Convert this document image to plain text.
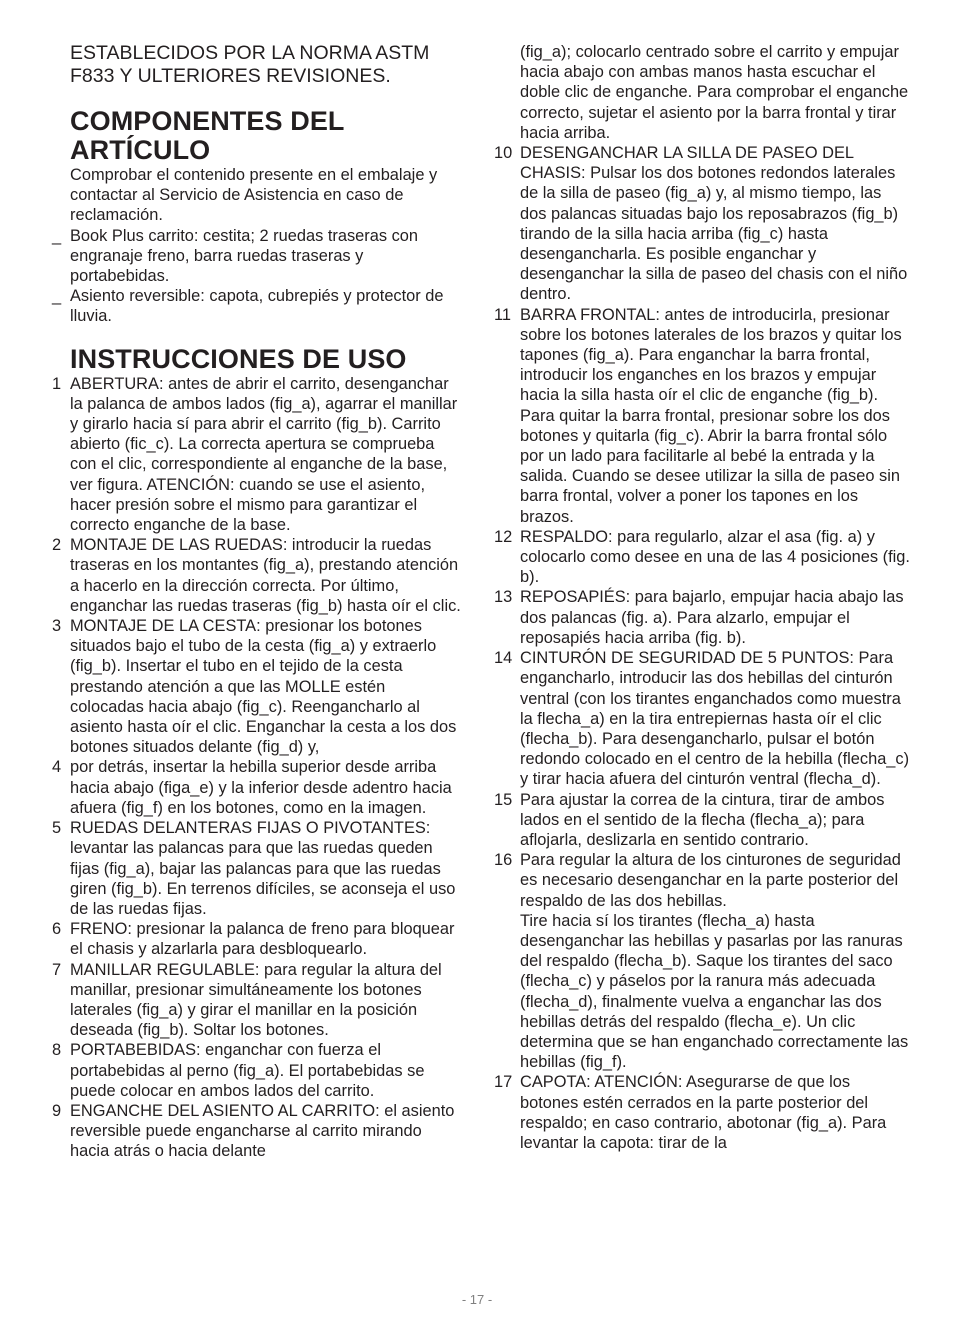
ESTABLECIDOS POR LA NORMA ASTM F833 Y ULTERIORES REVISIONES.

COMPONENTES DEL ARTÍCULO

Comprobar el contenido presente en el embalaje y contactar al Servicio de Asistencia en caso de reclamación.

_ Book Plus carrito: cestita; 2 ruedas traseras con engranaje freno, barra ruedas traseras y portabebidas.
_ Asiento reversible: capota, cubrepiés y protector de lluvia.
INSTRUCCIONES DE USO
1 ABERTURA: antes de abrir el carrito, desenganchar la palanca de ambos lados (fig_a), agarrar el manillar y girarlo hacia sí para abrir el carrito (fig_b). Carrito abierto (fic_c). La correcta apertura se comprueba con el clic, correspondiente al enganche de la base, ver figura. ATENCIÓN: cuando se use el asiento, hacer presión sobre el mismo para garantizar el correcto enganche de la base.
2 MONTAJE DE LAS RUEDAS: introducir la ruedas traseras en los montantes (fig_a), prestando atención a hacerlo en la dirección correcta. Por último, enganchar las ruedas traseras (fig_b) hasta oír el clic.
3 MONTAJE DE LA CESTA: presionar los botones situados bajo el tubo de la cesta (fig_a) y extraerlo (fig_b). Insertar el tubo en el tejido de la cesta prestando atención a que las MOLLE estén colocadas hacia abajo (fig_c). Reengancharlo al asiento hasta oír el clic. Enganchar la cesta a los dos botones situados delante (fig_d) y,
4 por detrás, insertar la hebilla superior desde arriba hacia abajo (figa_e) y la inferior desde adentro hacia afuera (fig_f) en los botones, como en la imagen.
5 RUEDAS DELANTERAS FIJAS O PIVOTANTES: levantar las palancas para que las ruedas queden fijas (fig_a), bajar las palancas para que las ruedas giren (fig_b). En terrenos difíciles, se aconseja el uso de las ruedas fijas.
6 FRENO: presionar la palanca de freno para bloquear el chasis y alzarlarla para desbloquearlo.
7 MANILLAR REGULABLE: para regular la altura del manillar, presionar simultáneamente los botones laterales (fig_a) y girar el manillar en la posición deseada (fig_b). Soltar los botones.
8 PORTABEBIDAS: enganchar con fuerza el portabebidas al perno (fig_a). El portabebidas se puede colocar en ambos lados del carrito.
9 ENGANCHE DEL ASIENTO AL CARRITO: el asiento reversible puede engancharse al carrito mirando hacia atrás o hacia delante

(fig_a); colocarlo centrado sobre el carrito y empujar hacia abajo con ambas manos hasta escuchar el doble clic de enganche. Para comprobar el enganche correcto, sujetar el asiento por la barra frontal y tirar hacia arriba.

10 DESENGANCHAR LA SILLA DE PASEO DEL CHASIS: Pulsar los dos botones redondos laterales de la silla de paseo (fig_a) y, al mismo tiempo, las dos palancas situadas bajo los reposabrazos (fig_b) tirando de la silla hacia arriba (fig_c) hasta desengancharla. Es posible enganchar y desenganchar la silla de paseo del chasis con el niño dentro.
11 BARRA FRONTAL: antes de introducirla, presionar sobre los botones laterales de los brazos y quitar los tapones (fig_a). Para enganchar la barra frontal, introducir los enganches en los brazos y empujar hacia la silla hasta oír el clic de enganche (fig_b). Para quitar la barra frontal, presionar sobre los dos botones y quitarla (fig_c). Abrir la barra frontal sólo por un lado para facilitarle al bebé la entrada y la salida. Cuando se desee utilizar la silla de paseo sin barra frontal, volver a poner los tapones en los brazos.
12 RESPALDO: para regularlo, alzar el asa (fig. a) y colocarlo como desee en una de las 4 posiciones (fig. b).
13 REPOSAPIÉS: para bajarlo, empujar hacia abajo las dos palancas (fig. a). Para alzarlo, empujar el reposapiés hacia arriba (fig. b).
14 CINTURÓN DE SEGURIDAD DE 5 PUNTOS: Para engancharlo, introducir las dos hebillas del cinturón ventral (con los tirantes enganchados como muestra la flecha_a) en la tira entrepiernas hasta oír el clic (flecha_b). Para desengancharlo, pulsar el botón redondo colocado en el centro de la hebilla (flecha_c) y tirar hacia afuera del cinturón ventral (flecha_d).
15 Para ajustar la correa de la cintura, tirar de ambos lados en el sentido de la flecha (flecha_a); para aflojarla, deslizarla en sentido contrario.
16 Para regular la altura de los cinturones de seguridad es necesario desenganchar en la parte posterior del respaldo de las dos hebillas.
Tire hacia sí los tirantes (flecha_a) hasta desenganchar las hebillas y pasarlas por las ranuras del respaldo (flecha_b). Saque los tirantes del saco (flecha_c) y páselos por la ranura más adecuada (flecha_d), finalmente vuelva a enganchar las dos hebillas detrás del respaldo (flecha_e). Un clic determina que se han enganchado correctamente las hebillas (fig_f).
17 CAPOTA: ATENCIÓN: Asegurarse de que los botones estén cerrados en la parte posterior del respaldo; en caso contrario, abotonar (fig_a). Para levantar la capota: tirar de la
- 17 -
